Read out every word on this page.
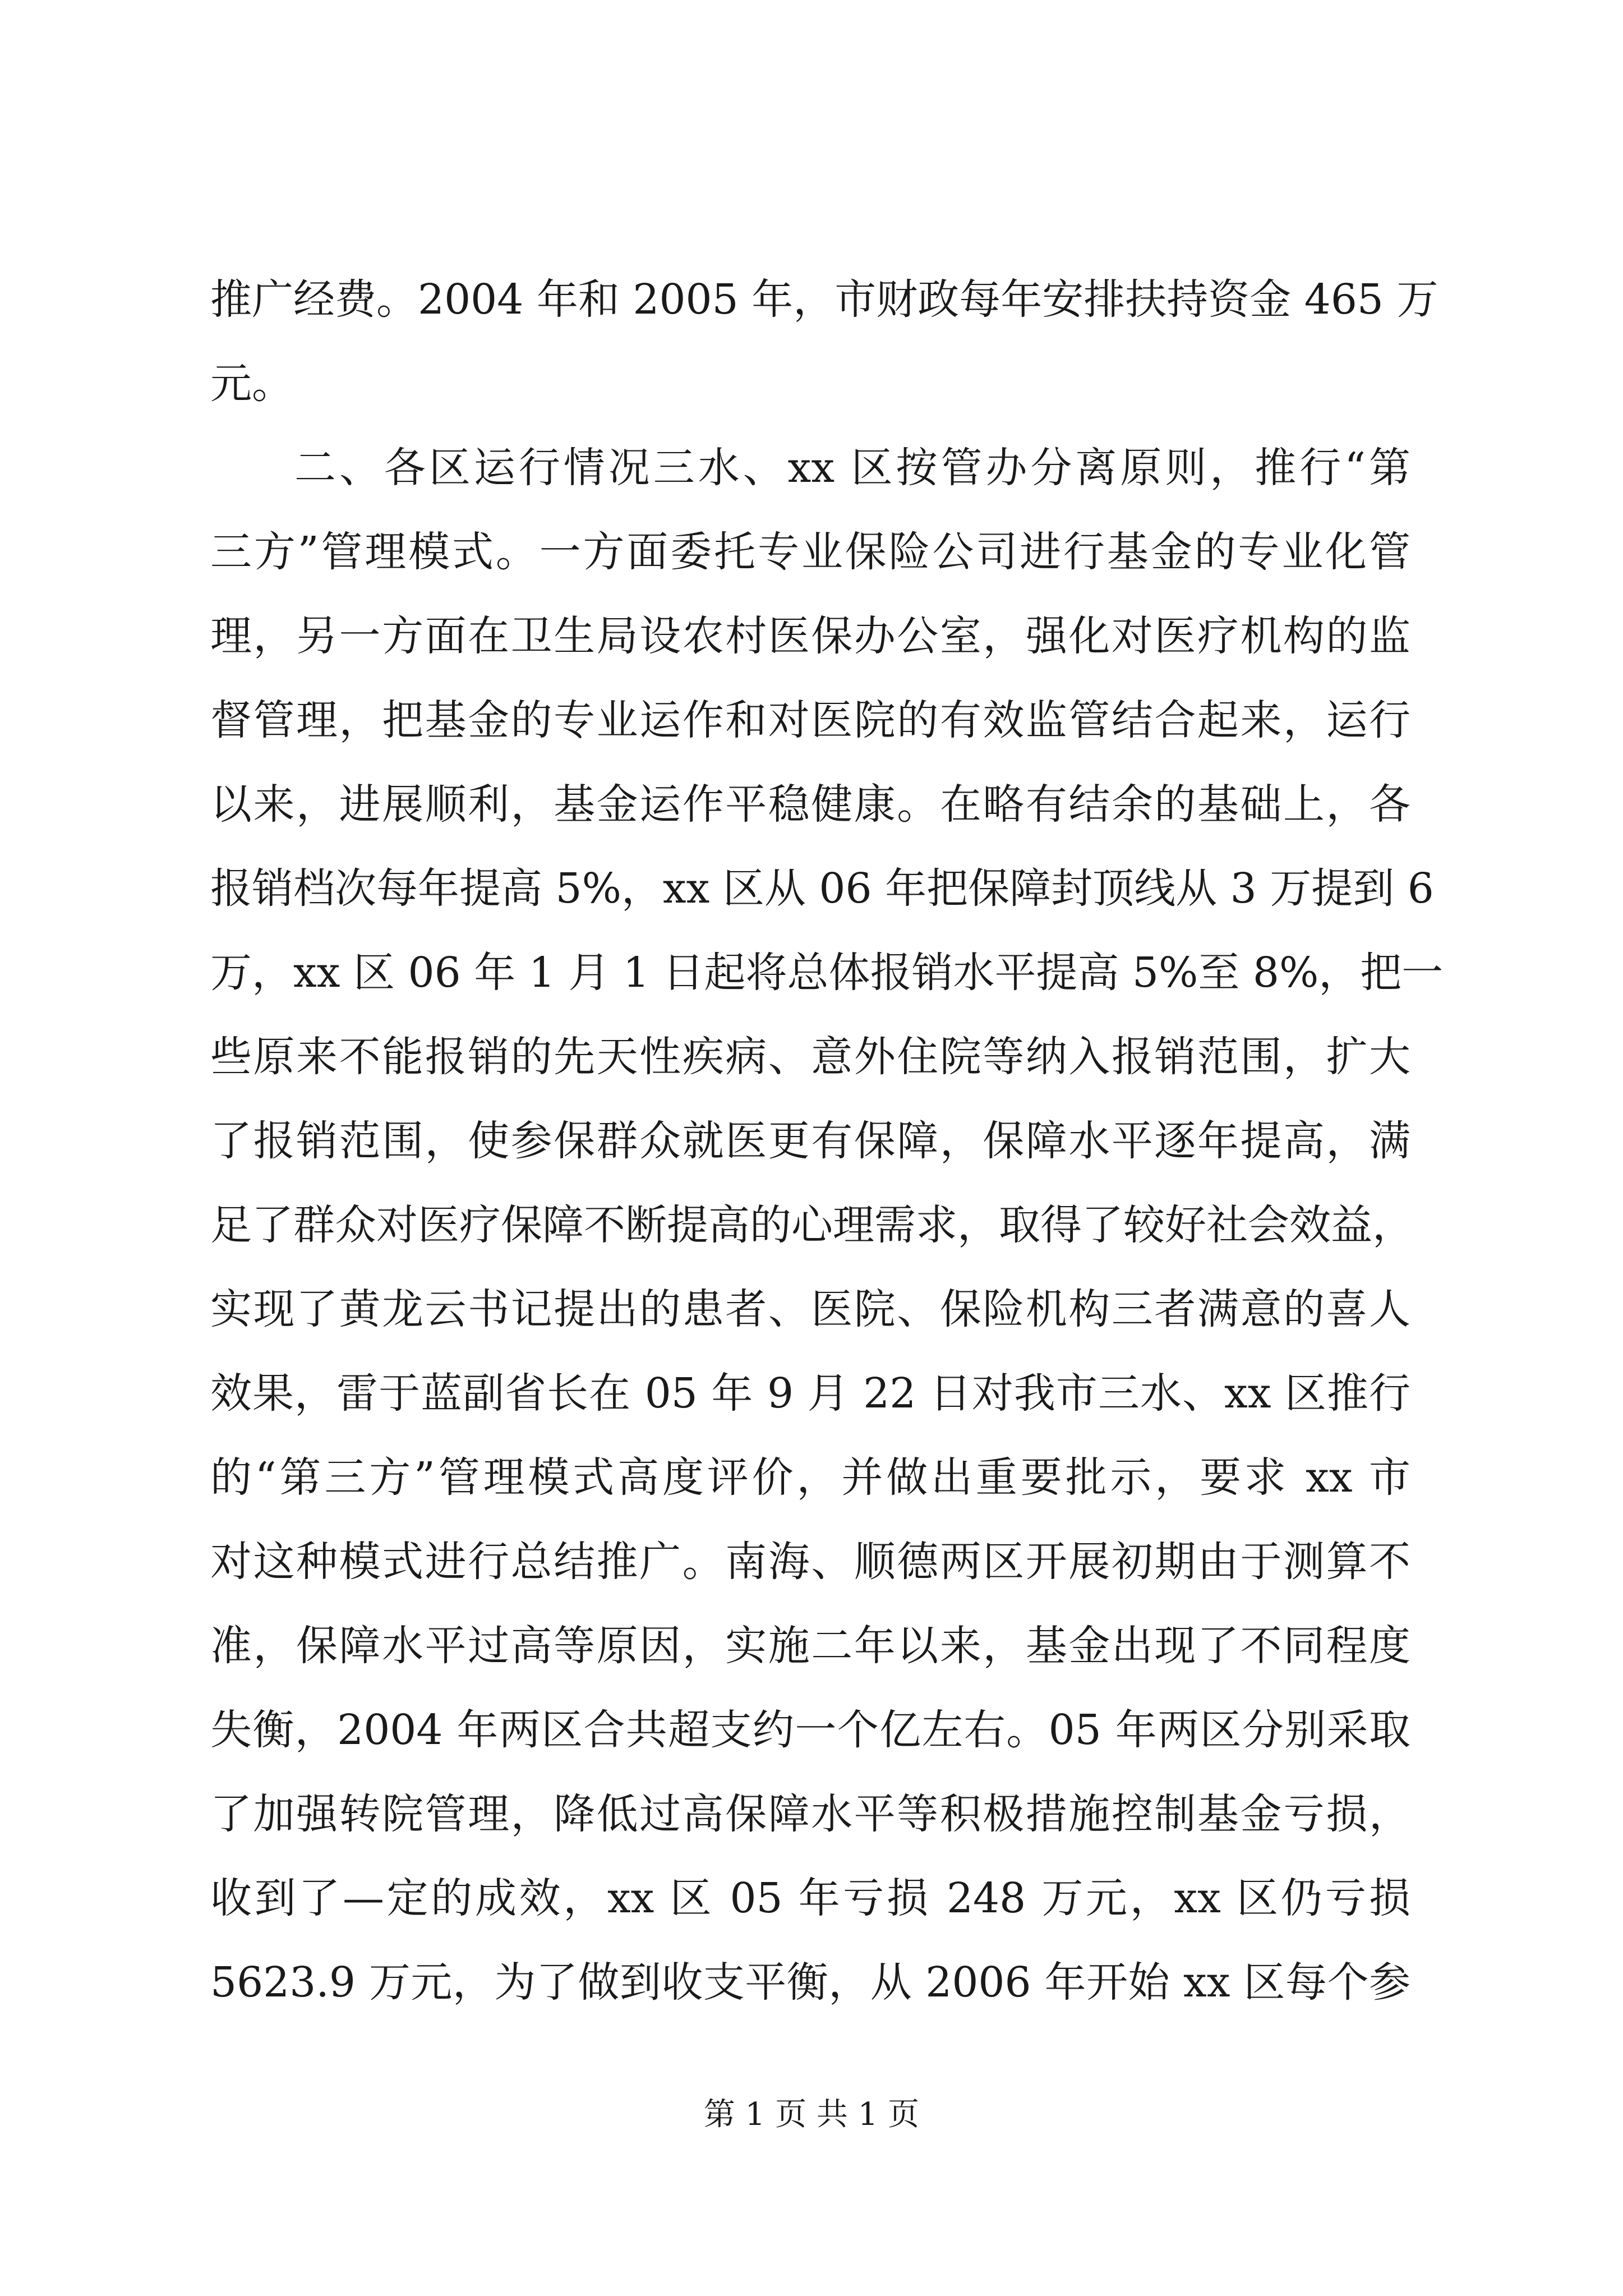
推广经费。2004 年和 2005 年，市财政每年安排扶持资金 465 万
元。
二、各区运行情况三水、xx 区按管办分离原则，推行“第
三方”管理模式。一方面委托专业保险公司进行基金的专业化管
理，另一方面在卫生局设农村医保办公室，强化对医疗机构的监
督管理，把基金的专业运作和对医院的有效监管结合起来，运行
以来，进展顺利，基金运作平稳健康。在略有结余的基础上，各
报销档次每年提高 5%，xx 区从 06 年把保障封顶线从 3 万提到 6
万，xx 区 06 年 1 月 1 日起将总体报销水平提高 5%至 8%，把一
些原来不能报销的先天性疾病、意外住院等纳入报销范围，扩大
了报销范围，使参保群众就医更有保障，保障水平逐年提高，满
足了群众对医疗保障不断提高的心理需求，取得了较好社会效益，
实现了黄龙云书记提出的患者、医院、保险机构三者满意的喜人
效果，雷于蓝副省长在 05 年 9 月 22 日对我市三水、xx 区推行
的“第三方”管理模式高度评价，并做出重要批示，要求 xx 市
对这种模式进行总结推广。南海、顺德两区开展初期由于测算不
准，保障水平过高等原因，实施二年以来，基金出现了不同程度
失衡，2004 年两区合共超支约一个亿左右。05 年两区分别采取
了加强转院管理，降低过高保障水平等积极措施控制基金亏损，
收到了—定的成效，xx 区 05 年亏损 248 万元，xx 区仍亏损
5623.9 万元，为了做到收支平衡，从 2006 年开始 xx 区每个参
第 1 页 共 1 页
